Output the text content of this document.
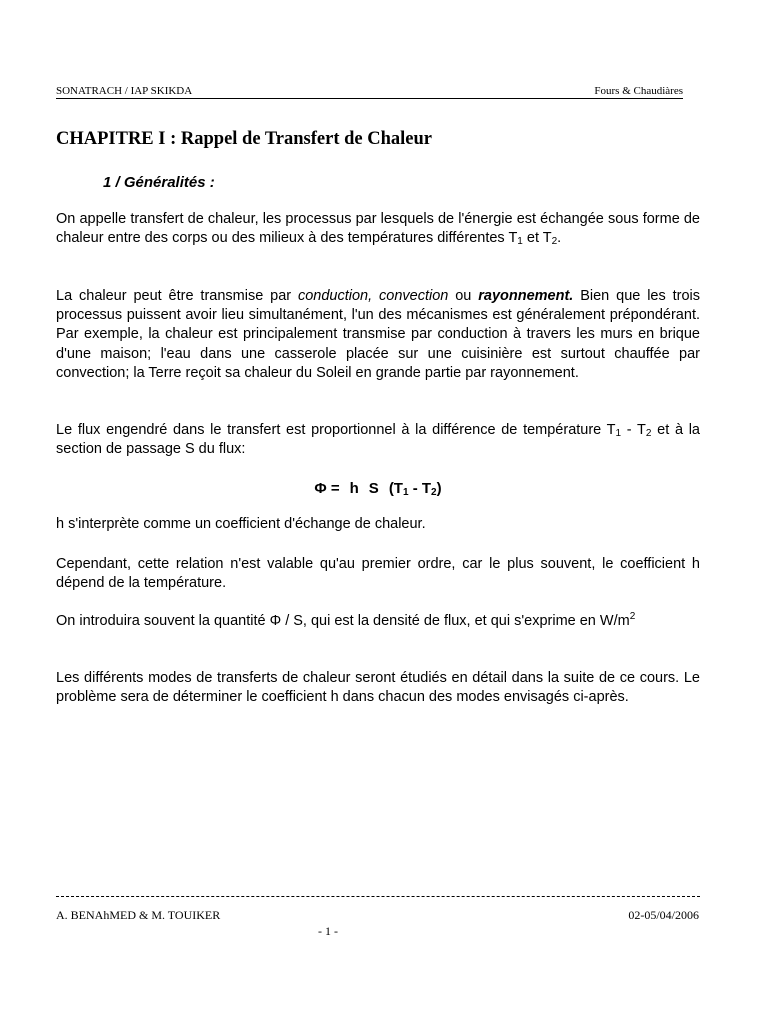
SONATRACH / IAP SKIKDA	Fours & Chaudiàres
CHAPITRE I : Rappel de Transfert de Chaleur
1 / Généralités :

On appelle transfert de chaleur, les processus par lesquels de l'énergie est échangée sous forme de chaleur entre des corps ou des milieux à des températures différentes $T_1$ et $T_2$.

La chaleur peut être transmise par conduction, convection ou rayonnement. Bien que les trois processus puissent avoir lieu simultanément, l'un des mécanismes est généralement prépondérant. Par exemple, la chaleur est principalement transmise par conduction à travers les murs en brique d'une maison; l'eau dans une casserole placée sur une cuisinière est surtout chauffée par convection; la Terre reçoit sa chaleur du Soleil en grande partie par rayonnement.

Le flux engendré dans le transfert est proportionnel à la différence de température $T_1 - T_2$ et à la section de passage S du flux:

Φ = h S $(T_1 - T_2)$

h s'interprète comme un coefficient d'échange de chaleur.

Cependant, cette relation n'est valable qu'au premier ordre, car le plus souvent, le coefficient h dépend de la température.

On introduira souvent la quantité Φ / S, qui est la densité de flux, et qui s'exprime en $W/m^2$

Les différents modes de transferts de chaleur seront étudiés en détail dans la suite de ce cours. Le problème sera de déterminer le coefficient h dans chacun des modes envisagés ci-après.

A. BENAhMED & M. TOUIKER	02-05/04/2006
- 1 -
